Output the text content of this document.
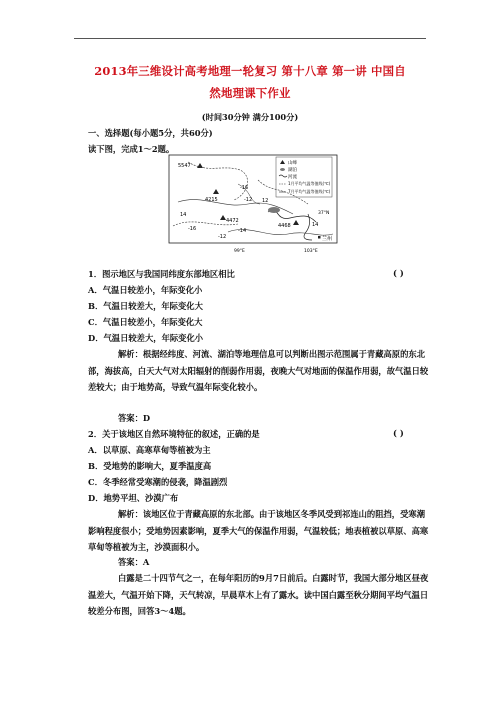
2013年三维设计高考地理一轮复习 第十八章 第一讲 中国自
然地理课下作业
(时间30分钟 满分100分)
一、选择题(每小题5分，共60分)
读下图，完成1～2题。
山峰
湖泊
河流
1月平均气温等值线(℃)
7月平均气温等值线(℃)
5547
4215
4472
4468
-16
-12
14
-16
12
-12
-14
14
兰州
37°N
99°E	103°E
1．图示地区与我国同纬度东部地区相比	( )
A．气温日较差小，年际变化小
B．气温日较差大，年际变化大
C．气温日较差小，年际变化大
D．气温日较差大，年际变化小
解析：根据经纬度、河流、湖泊等地理信息可以判断出图示范围属于青藏高原的东北部，海拔高，白天大气对太阳辐射的削弱作用弱，夜晚大气对地面的保温作用弱，故气温日较差较大；由于地势高，导致气温年际变化较小。
答案：D
2．关于该地区自然环境特征的叙述，正确的是	( )
A．以草原、高寒草甸等植被为主
B．受地势的影响大，夏季温度高
C．冬季经常受寒潮的侵袭，降温剧烈
D．地势平坦、沙漠广布
解析：该地区位于青藏高原的东北部。由于该地区冬季风受到祁连山的阻挡，受寒潮影响程度很小；受地势因素影响，夏季大气的保温作用弱，气温较低；地表植被以草原、高寒草甸等植被为主，沙漠面积小。
答案：A
白露是二十四节气之一，在每年阳历的9月7日前后。白露时节，我国大部分地区昼夜温差大，气温开始下降，天气转凉，早晨草木上有了露水。读中国白露至秋分期间平均气温日较差分布图，回答3～4题。
